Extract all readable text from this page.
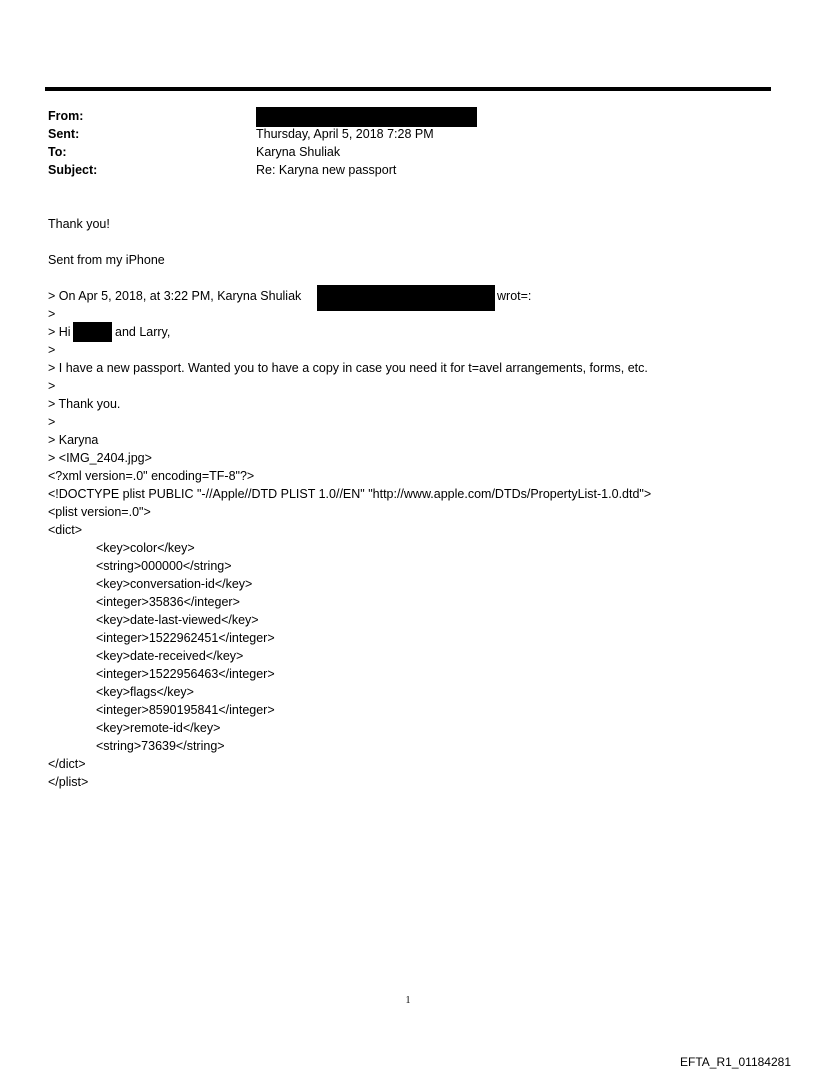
From:
Sent:	Thursday, April 5, 2018 7:28 PM
To:	Karyna Shuliak
Subject:	Re: Karyna new passport
Thank you!
Sent from my iPhone
> On Apr 5, 2018, at 3:22 PM, Karyna Shuliak	wrot=:
>
> Hi	and Larry,
>
> I have a new passport. Wanted you to have a copy in case you need it for t=avel arrangements, forms, etc.
>
> Thank you.
>
> Karyna
> <IMG_2404.jpg>
<?xml version=.0" encoding=TF-8"?>
<!DOCTYPE plist PUBLIC "-//Apple//DTD PLIST 1.0//EN" "http://www.apple.com/DTDs/PropertyList-1.0.dtd">
<plist version=.0">
<dict>
<key>color</key>
<string>000000</string>
<key>conversation-id</key>
<integer>35836</integer>
<key>date-last-viewed</key>
<integer>1522962451</integer>
<key>date-received</key>
<integer>1522956463</integer>
<key>flags</key>
<integer>8590195841</integer>
<key>remote-id</key>
<string>73639</string>
</dict>
</plist>
1
EFTA_R1_01184281
